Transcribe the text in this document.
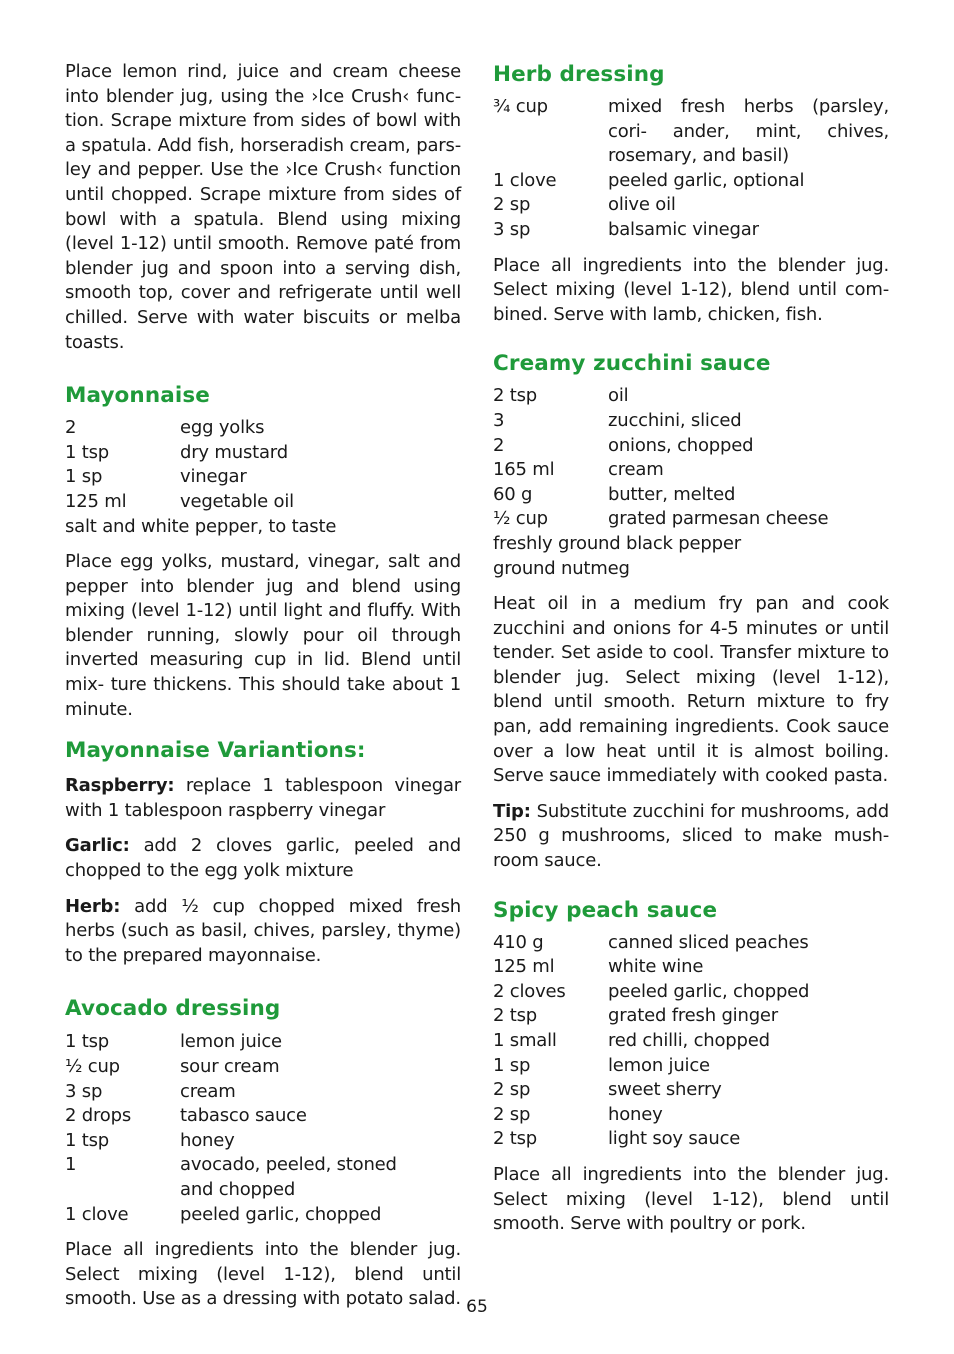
Place lemon rind, juice and cream cheese into blender jug, using the ›Ice Crush‹ func- tion. Scrape mixture from sides of bowl with a spatula. Add fish, horseradish cream, pars- ley and pepper. Use the ›Ice Crush‹ function until chopped. Scrape mixture from sides of bowl with a spatula. Blend using mixing (level 1-12) until smooth. Remove paté from blender jug and spoon into a serving dish, smooth top, cover and refrigerate until well chilled. Serve with water biscuits or melba toasts.

Mayonnaise
2	egg yolks
1 tsp	dry mustard
1 sp	vinegar
125 ml	vegetable oil
salt and white pepper, to taste

Place egg yolks, mustard, vinegar, salt and pepper into blender jug and blend using mixing (level 1-12) until light and fluffy. With blender running, slowly pour oil through inverted measuring cup in lid. Blend until mix- ture thickens. This should take about 1 minute.

Mayonnaise Variantions:

Raspberry: replace 1 tablespoon vinegar with 1 tablespoon raspberry vinegar

Garlic: add 2 cloves garlic, peeled and chopped to the egg yolk mixture

Herb: add ½ cup chopped mixed fresh herbs (such as basil, chives, parsley, thyme) to the prepared mayonnaise.

Avocado dressing
1 tsp	lemon juice
½ cup	sour cream
3 sp	cream
2 drops	tabasco sauce
1 tsp	honey
1	avocado, peeled, stoned and chopped
1 clove	peeled garlic, chopped

Place all ingredients into the blender jug. Select mixing (level 1-12), blend until smooth. Use as a dressing with potato salad.

Herb dressing
¾ cup	mixed fresh herbs (parsley, cori- ander, mint, chives, rosemary, and basil)
1 clove	peeled garlic, optional
2 sp	olive oil
3 sp	balsamic vinegar

Place all ingredients into the blender jug. Select mixing (level 1-12), blend until com- bined. Serve with lamb, chicken, fish.

Creamy zucchini sauce
2 tsp	oil
3	zucchini, sliced
2	onions, chopped
165 ml	cream
60 g	butter, melted
½ cup	grated parmesan cheese
freshly ground black pepper
ground nutmeg

Heat oil in a medium fry pan and cook zucchini and onions for 4-5 minutes or until tender. Set aside to cool. Transfer mixture to blender jug. Select mixing (level 1-12), blend until smooth. Return mixture to fry pan, add remaining ingredients. Cook sauce over a low heat until it is almost boiling. Serve sauce immediately with cooked pasta.

Tip: Substitute zucchini for mushrooms, add 250 g mushrooms, sliced to make mush- room sauce.

Spicy peach sauce
410 g	canned sliced peaches
125 ml	white wine
2 cloves	peeled garlic, chopped
2 tsp	grated fresh ginger
1 small	red chilli, chopped
1 sp	lemon juice
2 sp	sweet sherry
2 sp	honey
2 tsp	light soy sauce

Place all ingredients into the blender jug. Select mixing (level 1-12), blend until smooth. Serve with poultry or pork.

65
